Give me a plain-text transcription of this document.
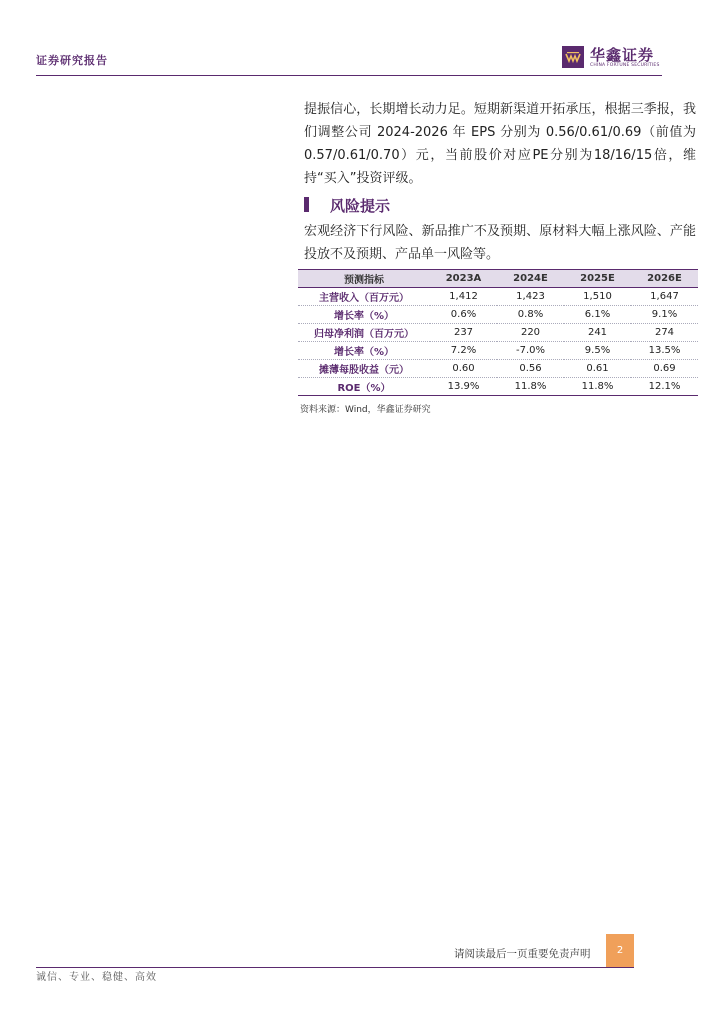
证券研究报告	华鑫证券
CHINA FORTUNE SECURITIES
提振信心，长期增长动力足。短期新渠道开拓承压，根据三季报，我们调整公司 2024-2026 年 EPS 分别为 0.56/0.61/0.69（前值为 0.57/0.61/0.70）元，当前股价对应PE分别为18/16/15倍，维持“买入”投资评级。
风险提示
宏观经济下行风险、新品推广不及预期、原材料大幅上涨风险、产能投放不及预期、产品单一风险等。
预测指标	2023A	2024E	2025E	2026E
主营收入（百万元）	1,412	1,423	1,510	1,647
增长率（%）	0.6%	0.8%	6.1%	9.1%
归母净利润（百万元）	237	220	241	274
增长率（%）	7.2%	-7.0%	9.5%	13.5%
摊薄每股收益（元）	0.60	0.56	0.61	0.69
ROE（%）	13.9%	11.8%	11.8%	12.1%
资料来源：Wind，华鑫证券研究
请阅读最后一页重要免责声明	2
诚信、专业、稳健、高效
